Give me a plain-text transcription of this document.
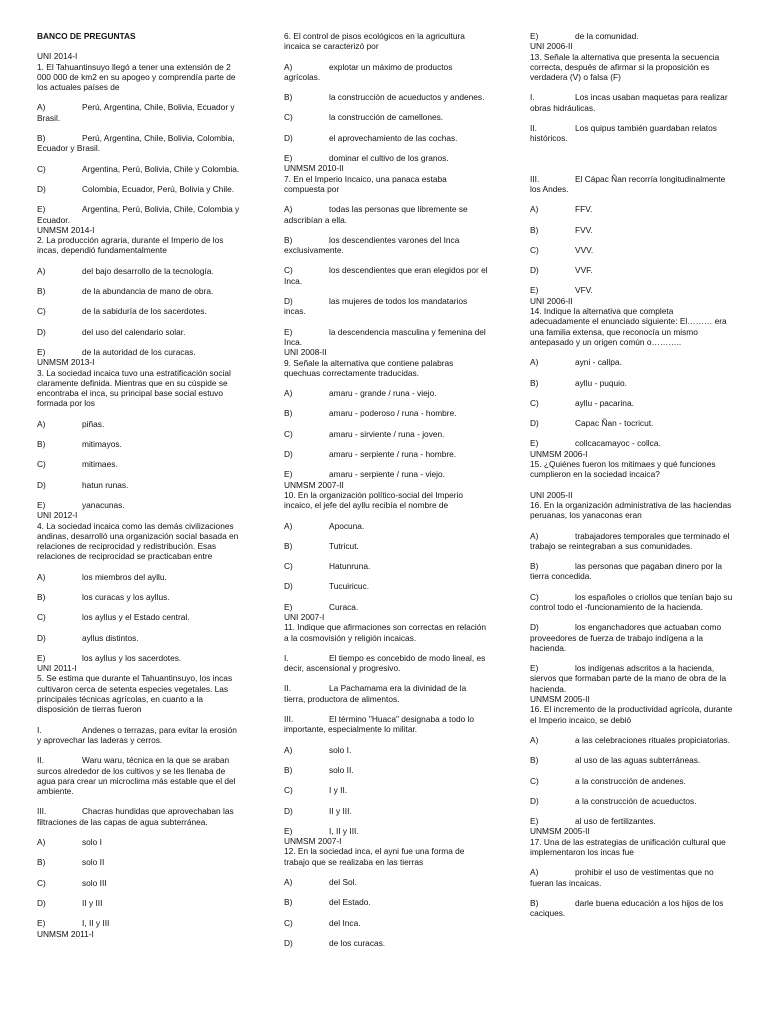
BANCO DE PREGUNTAS
UNI 2014-I
1. El Tahuantinsuyo llegó a tener una extensión de 2 000 000 de km2 en su apogeo y comprendía parte de los actuales países de
A)	Perú, Argentina, Chile, Bolivia, Ecuador y Brasil.
B)	Perú, Argentina, Chile, Bolivia, Colombia, Ecuador y Brasil.
C)	Argentina, Perú, Bolivia, Chile y Colombia.
D)	Colombia, Ecuador, Perú, Bolivia y Chile.
E)	Argentina, Perú, Bolivia, Chile, Colombia y Ecuador.
UNMSM 2014-I
2. La producción agraria, durante el Imperio de los incas, dependió fundamentalmente
A)	del bajo desarrollo de la tecnología.
B)	de la abundancia de mano de obra.
C)	de la sabiduría de los sacerdotes.
D)	del uso del calendario solar.
E)	de la autoridad de los curacas.
UNMSM 2013-I
3. La sociedad incaica tuvo una estratificación social claramente definida. Mientras que en su cúspide se encontraba el inca, su principal base social estuvo formada por los
A)	piñas.
B)	mitimayos.
C)	mitimaes.
D)	hatun runas.
E)	yanacunas.
UNI 2012-I
4. La sociedad incaica como las demás civilizaciones andinas, desarrolló una organización social basada en relaciones de reciprocidad y redistribución. Esas relaciones de reciprocidad se practicaban entre
A)	los miembros del ayllu.
B)	los curacas y los ayllus.
C)	los ayllus y el Estado central.
D)	ayllus distintos.
E)	los ayllus y los sacerdotes.
UNI 2011-I
5. Se estima que durante el Tahuantinsuyo, los incas cultivaron cerca de setenta especies vegetales. Las principales técnicas agrícolas, en cuanto a la disposición de tierras fueron
I.	Andenes o terrazas, para evitar la erosión y aprovechar las laderas y cerros.
II.	Waru waru, técnica en la que se araban surcos alrededor de los cultivos y se les llenaba de agua para crear un microclima más estable que el del ambiente.
III.	Chacras hundidas que aprovechaban las filtraciones de las capas de agua subterránea.
A)	solo I
B)	solo II
C)	solo III
D)	II y III
E)	I, II y III
UNMSM 2011-I
6. El control de pisos ecológicos en la agricultura incaica se caracterizó por
A)	explotar un máximo de productos agrícolas.
B)	la construcción de acueductos y andenes.
C)	la construcción de camellones.
D)	el aprovechamiento de las cochas.
E)	dominar el cultivo de los granos.
UNMSM 2010-II
7. En el Imperio Incaico, una panaca estaba compuesta por
A)	todas las personas que libremente se adscribían a ella.
B)	los descendientes varones del Inca exclusivamente.
C)	los descendientes que eran elegidos por el Inca.
D)	las mujeres de todos los mandatarios incas.
E)	la descendencia masculina y femenina del Inca.
UNI 2008-II
9. Señale la alternativa que contiene palabras quechuas correctamente traducidas.
A)	amaru - grande / runa - viejo.
B)	amaru - poderoso / runa - hombre.
C)	amaru - sirviente / runa - joven.
D)	amaru - serpiente / runa - hombre.
E)	amaru - serpiente / runa - viejo.
UNMSM 2007-II
10. En la organización político-social del Imperio incaico, el jefe del ayllu recibía el nombre de
A)	Apocuna.
B)	Tutricut.
C)	Hatunruna.
D)	Tucuiricuc.
E)	Curaca.
UNI 2007-I
11. Indique que afirmaciones son correctas en relación a la cosmovisión y religión incaicas.
I.	El tiempo es concebido de modo lineal, es decir, ascensional y progresivo.
II.	La Pachamama era la divinidad de la tierra, productora de alimentos.
III.	El término "Huaca" designaba a todo lo importante, especialmente lo militar.
A)	solo I.
B)	solo II.
C)	I y II.
D)	II y III.
E)	I, II y III.
UNMSM 2007-I
12. En la sociedad inca, el ayni fue una forma de trabajo que se realizaba en las tierras
A)	del Sol.
B)	del Estado.
C)	del Inca.
D)	de los curacas.
E)	de la comunidad.
UNI 2006-II
13. Señale la alternativa que presenta la secuencia correcta, después de afirmar si la proposición es verdadera (V) o falsa (F)
I.	Los incas usaban maquetas para realizar obras hidráulicas.
II.	Los quipus también guardaban relatos históricos.
III.	El Cápac Ñan recorría longitudinalmente los Andes.
A)	FFV.
B)	FVV.
C)	VVV.
D)	VVF.
E)	VFV.
UNI 2006-II
14. Indique la alternativa que completa adecuadamente el enunciado siguiente: El……… era una familia extensa, que reconocía un mismo antepasado y un origen común o………..
A)	ayni - callpa.
B)	ayllu - puquio.
C)	ayllu - pacarina.
D)	Capac Ñan - tocricut.
E)	collcacamayoc - collca.
UNMSM 2006-I
15. ¿Quiénes fueron los mitimaes y qué funciones cumplieron en la sociedad incaica?
UNI 2005-II
16. En la organización administrativa de las haciendas peruanas, los yanaconas eran
A)	trabajadores temporales que terminado el trabajo se reintegraban a sus comunidades.
B)	las personas que pagaban dinero por la tierra concedida.
C)	los españoles o criollos que tenían bajo su control todo el -funcionamiento de la hacienda.
D)	los enganchadores que actuaban como proveedores de fuerza de trabajo indígena a la hacienda.
E)	los indígenas adscritos a la hacienda, siervos que formaban parte de la mano de obra de la hacienda.
UNMSM 2005-II
16. El incremento de la productividad agrícola, durante el Imperio incaico, se debió
A)	a las celebraciones rituales propiciatorias.
B)	al uso de las aguas subterráneas.
C)	a la construcción de andenes.
D)	a la construcción de acueductos.
E)	al uso de fertilizantes.
UNMSM 2005-II
17. Una de las estrategias de unificación cultural que implementaron los incas fue
A)	prohibir el uso de vestimentas que no fueran las incaicas.
B)	darle buena educación a los hijos de los caciques.
